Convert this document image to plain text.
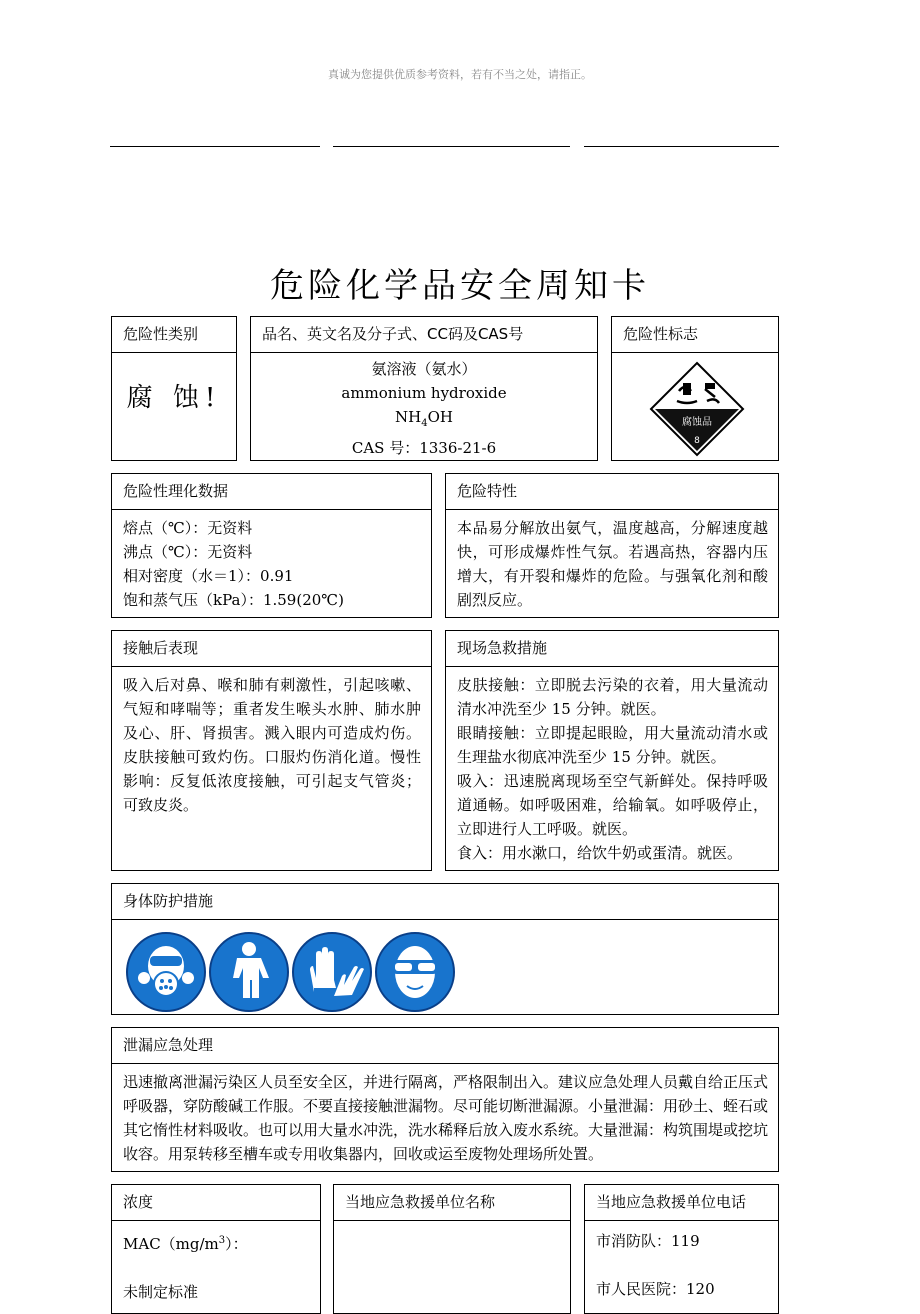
真诚为您提供优质参考资料，若有不当之处，请指正。
危险化学品安全周知卡
危险性类别
腐 蚀!
品名、英文名及分子式、CC码及CAS号
氨溶液（氨水）
ammonium hydroxide
$NH_4OH$
CAS 号：1336-21-6
危险性标志
腐蚀品
8
危险性理化数据

熔点（℃）：无资料

沸点（℃）：无资料

相对密度（水＝1）：0.91

饱和蒸气压（kPa）：1.59(20℃)

危险特性

本品易分解放出氨气，温度越高，分解速度越快，可形成爆炸性气氛。若遇高热，容器内压增大，有开裂和爆炸的危险。与强氧化剂和酸剧烈反应。

接触后表现

吸入后对鼻、喉和肺有刺激性，引起咳嗽、气短和哮喘等；重者发生喉头水肿、肺水肿及心、肝、肾损害。溅入眼内可造成灼伤。皮肤接触可致灼伤。口服灼伤消化道。慢性影响：反复低浓度接触，可引起支气管炎；可致皮炎。

现场急救措施

皮肤接触：立即脱去污染的衣着，用大量流动清水冲洗至少 15 分钟。就医。

眼睛接触：立即提起眼睑，用大量流动清水或生理盐水彻底冲洗至少 15 分钟。就医。

吸入：迅速脱离现场至空气新鲜处。保持呼吸道通畅。如呼吸困难，给输氧。如呼吸停止，立即进行人工呼吸。就医。

食入：用水漱口，给饮牛奶或蛋清。就医。

身体防护措施
泄漏应急处理

迅速撤离泄漏污染区人员至安全区，并进行隔离，严格限制出入。建议应急处理人员戴自给正压式呼吸器，穿防酸碱工作服。不要直接接触泄漏物。尽可能切断泄漏源。小量泄漏：用砂土、蛭石或其它惰性材料吸收。也可以用大量水冲洗，洗水稀释后放入废水系统。大量泄漏：构筑围堤或挖坑收容。用泵转移至槽车或专用收集器内，回收或运至废物处理场所处置。

浓度

$MAC(mg/m^3)$：

未制定标准

当地应急救援单位名称	当地应急救援单位电话

市消防队：119

市人民医院：120
